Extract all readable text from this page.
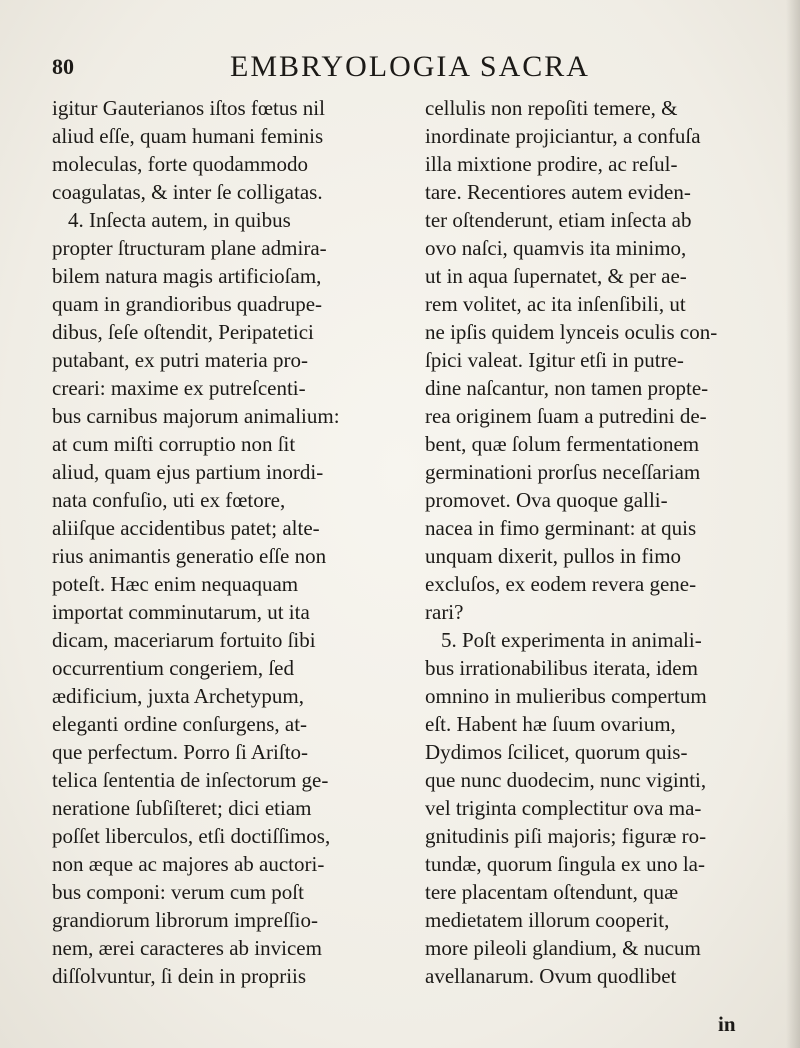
80	EMBRYOLOGIA SACRA
igitur Gauterianos iſtos fœtus nil
aliud eſſe, quam humani feminis
moleculas, forte quodammodo
coagulatas, & inter ſe colligatas.
4. Inſecta autem, in quibus
propter ſtructuram plane admira-
bilem natura magis artificioſam,
quam in grandioribus quadrupe-
dibus, ſeſe oſtendit, Peripatetici
putabant, ex putri materia pro-
creari: maxime ex putreſcenti-
bus carnibus majorum animalium:
at cum miſti corruptio non ſit
aliud, quam ejus partium inordi-
nata confuſio, uti ex fœtore,
aliiſque accidentibus patet; alte-
rius animantis generatio eſſe non
poteſt. Hæc enim nequaquam
importat comminutarum, ut ita
dicam, maceriarum fortuito ſibi
occurrentium congeriem, ſed
ædificium, juxta Archetypum,
eleganti ordine conſurgens, at-
que perfectum. Porro ſi Ariſto-
telica ſententia de inſectorum ge-
neratione ſubſiſteret; dici etiam
poſſet liberculos, etſi doctiſſimos,
non æque ac majores ab auctori-
bus componi: verum cum poſt
grandiorum librorum impreſſio-
nem, ærei caracteres ab invicem
diſſolvuntur, ſi dein in propriis
cellulis non repoſiti temere, &
inordinate projiciantur, a confuſa
illa mixtione prodire, ac reſul-
tare. Recentiores autem eviden-
ter oſtenderunt, etiam inſecta ab
ovo naſci, quamvis ita minimo,
ut in aqua ſupernatet, & per ae-
rem volitet, ac ita inſenſibili, ut
ne ipſis quidem lynceis oculis con-
ſpici valeat. Igitur etſi in putre-
dine naſcantur, non tamen propte-
rea originem ſuam a putredini de-
bent, quæ ſolum fermentationem
germinationi prorſus neceſſariam
promovet. Ova quoque galli-
nacea in fimo germinant: at quis
unquam dixerit, pullos in fimo
excluſos, ex eodem revera gene-
rari?
5. Poſt experimenta in animali-
bus irrationabilibus iterata, idem
omnino in mulieribus compertum
eſt. Habent hæ ſuum ovarium,
Dydimos ſcilicet, quorum quis-
que nunc duodecim, nunc viginti,
vel triginta complectitur ova ma-
gnitudinis piſi majoris; figuræ ro-
tundæ, quorum ſingula ex uno la-
tere placentam oſtendunt, quæ
medietatem illorum cooperit,
more pileoli glandium, & nucum
avellanarum. Ovum quodlibet
in
